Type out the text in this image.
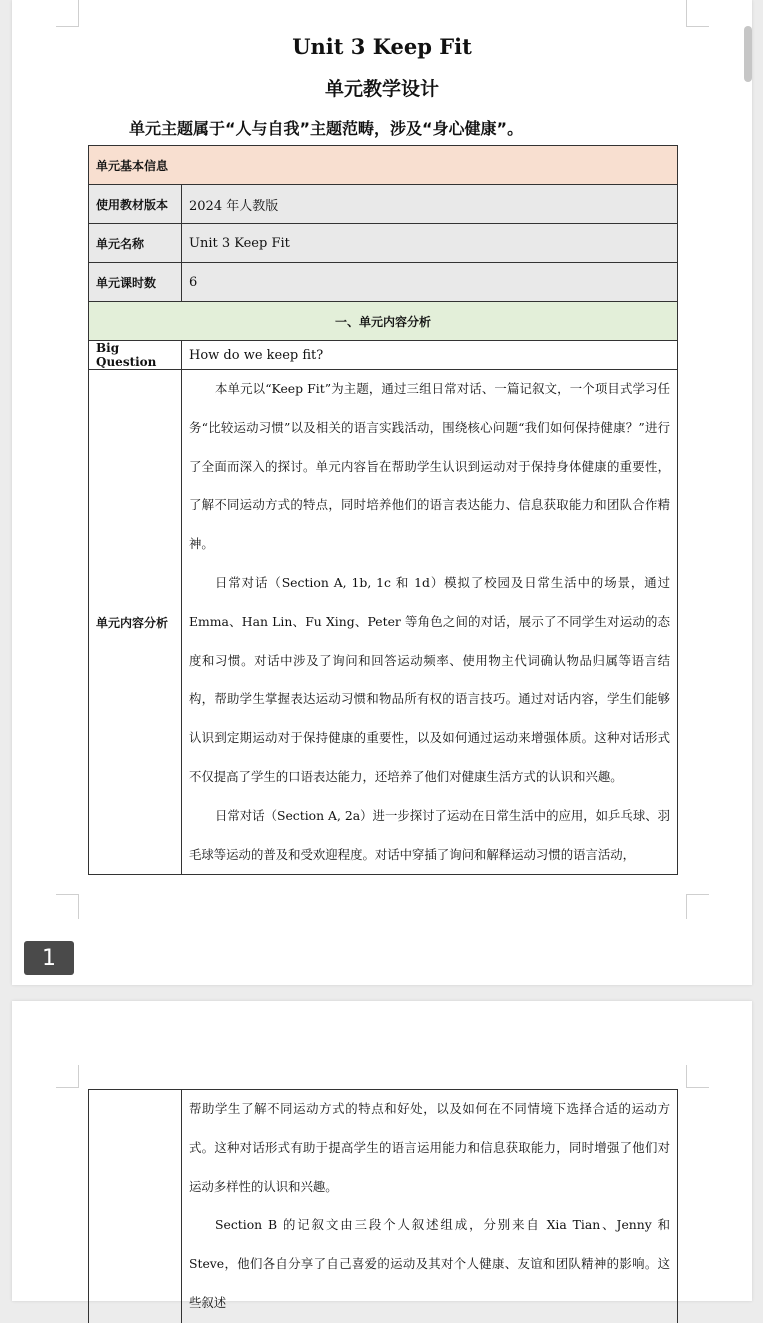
Unit 3 Keep Fit
单元教学设计
单元主题属于“人与自我”主题范畴，涉及“身心健康”。
单元基本信息	
使用教材版本	2024 年人教版
单元名称	Unit 3 Keep Fit
单元课时数	6
一、单元内容分析	
Big Question	How do we keep fit?
单元内容分析	本单元以“Keep Fit”为主题，通过三组日常对话、一篇记叙文，一个项目式学习任务“比较运动习惯”以及相关的语言实践活动，围绕核心问题“我们如何保持健康？”进行了全面而深入的探讨。单元内容旨在帮助学生认识到运动对于保持身体健康的重要性，了解不同运动方式的特点，同时培养他们的语言表达能力、信息获取能力和团队合作精神。

日常对话（Section A, 1b, 1c 和 1d）模拟了校园及日常生活中的场景，通过 Emma、Han Lin、Fu Xing、Peter 等角色之间的对话，展示了不同学生对运动的态度和习惯。对话中涉及了询问和回答运动频率、使用物主代词确认物品归属等语言结构，帮助学生掌握表达运动习惯和物品所有权的语言技巧。通过对话内容，学生们能够认识到定期运动对于保持健康的重要性，以及如何通过运动来增强体质。这种对话形式不仅提高了学生的口语表达能力，还培养了他们对健康生活方式的认识和兴趣。

日常对话（Section A, 2a）进一步探讨了运动在日常生活中的应用，如乒乓球、羽毛球等运动的普及和受欢迎程度。对话中穿插了询问和解释运动习惯的语言活动，

1

帮助学生了解不同运动方式的特点和好处，以及如何在不同情境下选择合适的运动方式。这种对话形式有助于提高学生的语言运用能力和信息获取能力，同时增强了他们对运动多样性的认识和兴趣。

Section B 的记叙文由三段个人叙述组成，分别来自 Xia Tian、Jenny 和 Steve，他们各自分享了自己喜爱的运动及其对个人健康、友谊和团队精神的影响。这些叙述
